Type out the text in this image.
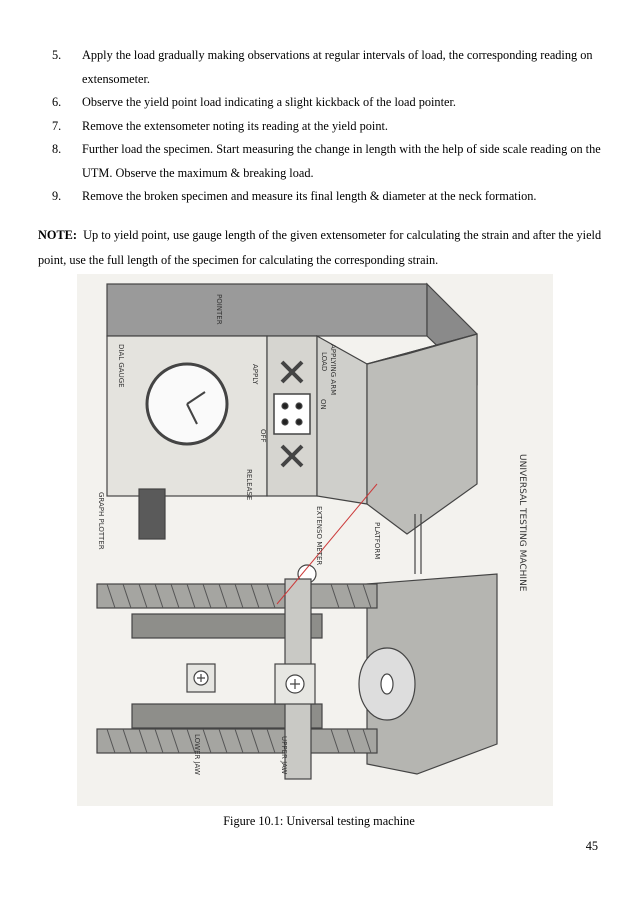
5. Apply the load gradually making observations at regular intervals of load, the corresponding reading on extensometer.
6. Observe the yield point load indicating a slight kickback of the load pointer.
7. Remove the extensometer noting its reading at the yield point.
8. Further load the specimen. Start measuring the change in length with the help of side scale reading on the UTM. Observe the maximum & breaking load.
9. Remove the broken specimen and measure its final length & diameter at the neck formation.
NOTE: Up to yield point, use gauge length of the given extensometer for calculating the strain and after the yield point, use the full length of the specimen for calculating the corresponding strain.
POINTER
DIAL GAUGE	APPLY
LOAD APPLYING ARM
ON
OFF
RELEASE
GRAPH PLOTTER	EXTENSO METER	PLATFORM	UNIVERSAL TESTING MACHINE
LOWER JAW	UPPER JAW
Figure 10.1: Universal testing machine
45
